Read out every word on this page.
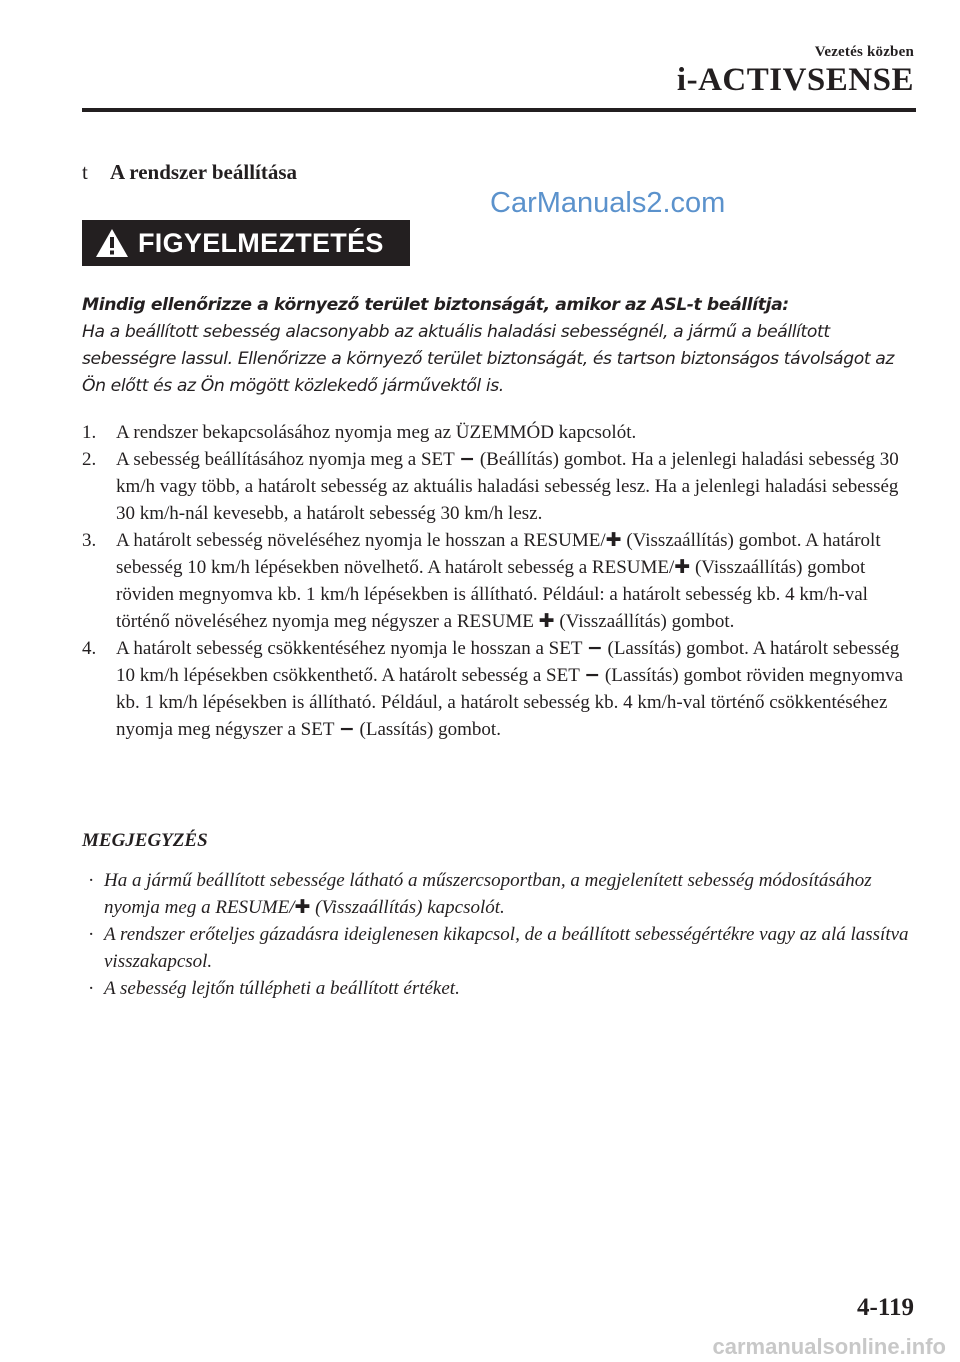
Vezetés közben
i-ACTIVSENSE
t A rendszer beállítása
CarManuals2.com
FIGYELMEZTETÉS
Mindig ellenőrizze a környező terület biztonságát, amikor az ASL-t beállítja:
Ha a beállított sebesség alacsonyabb az aktuális haladási sebességnél, a jármű a beállított sebességre lassul. Ellenőrizze a környező terület biztonságát, és tartson biztonságos távolságot az Ön előtt és az Ön mögött közlekedő járművektől is.
1. A rendszer bekapcsolásához nyomja meg az ÜZEMMÓD kapcsolót.
2. A sebesség beállításához nyomja meg a SET − (Beállítás) gombot. Ha a jelenlegi haladási sebesség 30 km/h vagy több, a határolt sebesség az aktuális haladási sebesség lesz. Ha a jelenlegi haladási sebesség 30 km/h-nál kevesebb, a határolt sebesség 30 km/h lesz.
3. A határolt sebesség növeléséhez nyomja le hosszan a RESUME/✚ (Visszaállítás) gombot. A határolt sebesség 10 km/h lépésekben növelhető. A határolt sebesség a RESUME/✚ (Visszaállítás) gombot röviden megnyomva kb. 1 km/h lépésekben is állítható. Például: a határolt sebesség kb. 4 km/h-val történő növeléséhez nyomja meg négyszer a RESUME ✚ (Visszaállítás) gombot.
4. A határolt sebesség csökkentéséhez nyomja le hosszan a SET − (Lassítás) gombot. A határolt sebesség 10 km/h lépésekben csökkenthető. A határolt sebesség a SET − (Lassítás) gombot röviden megnyomva kb. 1 km/h lépésekben is állítható. Például, a határolt sebesség kb. 4 km/h-val történő csökkentéséhez nyomja meg négyszer a SET − (Lassítás) gombot.
MEGJEGYZÉS
· Ha a jármű beállított sebessége látható a műszercsoportban, a megjelenített sebesség módosításához nyomja meg a RESUME/✚ (Visszaállítás) kapcsolót.
· A rendszer erőteljes gázadásra ideiglenesen kikapcsol, de a beállított sebességértékre vagy az alá lassítva visszakapcsol.
· A sebesség lejtőn túllépheti a beállított értéket.
4-119
carmanualsonline.info
